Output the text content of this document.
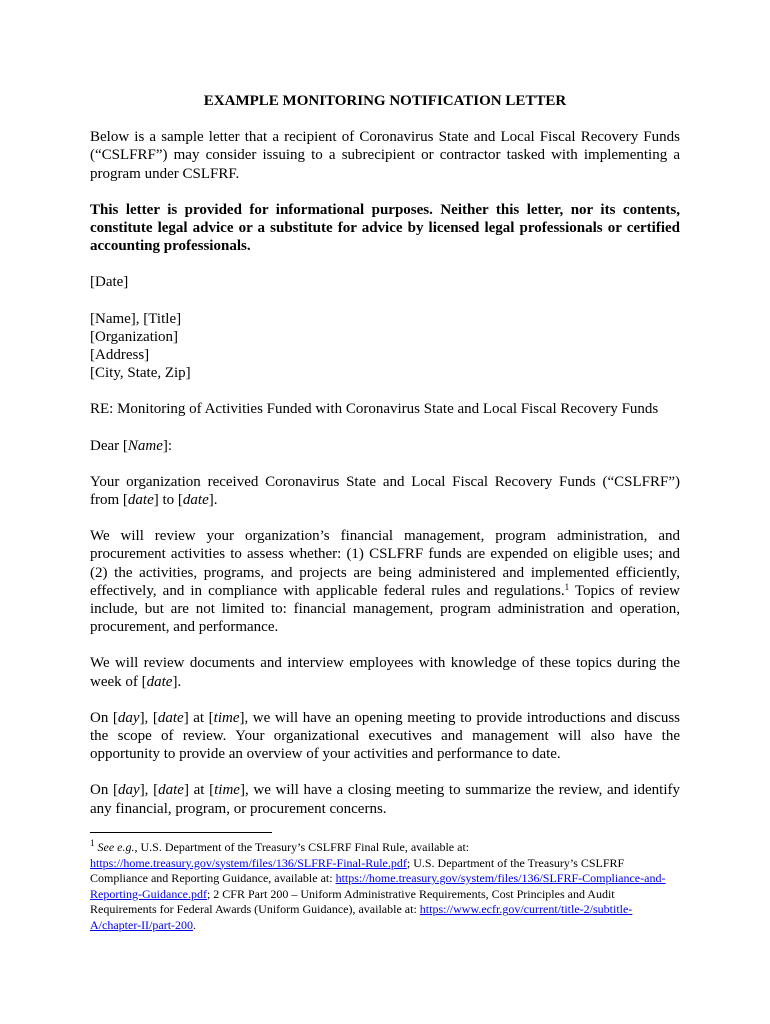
EXAMPLE MONITORING NOTIFICATION LETTER

Below is a sample letter that a recipient of Coronavirus State and Local Fiscal Recovery Funds (“CSLFRF”) may consider issuing to a subrecipient or contractor tasked with implementing a program under CSLFRF.

This letter is provided for informational purposes. Neither this letter, nor its contents, constitute legal advice or a substitute for advice by licensed legal professionals or certified accounting professionals.

[Date]

[Name], [Title]
[Organization]
[Address]
[City, State, Zip]

RE: Monitoring of Activities Funded with Coronavirus State and Local Fiscal Recovery Funds

Dear [Name]:

Your organization received Coronavirus State and Local Fiscal Recovery Funds (“CSLFRF”) from [date] to [date].

We will review your organization’s financial management, program administration, and procurement activities to assess whether: (1) CSLFRF funds are expended on eligible uses; and (2) the activities, programs, and projects are being administered and implemented efficiently, effectively, and in compliance with applicable federal rules and regulations.$^1$ Topics of review include, but are not limited to: financial management, program administration and operation, procurement, and performance.

We will review documents and interview employees with knowledge of these topics during the week of [date].

On [day], [date] at [time], we will have an opening meeting to provide introductions and discuss the scope of review. Your organizational executives and management will also have the opportunity to provide an overview of your activities and performance to date.

On [day], [date] at [time], we will have a closing meeting to summarize the review, and identify any financial, program, or procurement concerns.

$^1$ See e.g., U.S. Department of the Treasury’s CSLFRF Final Rule, available at: https://home.treasury.gov/system/files/136/SLFRF-Final-Rule.pdf; U.S. Department of the Treasury’s CSLFRF Compliance and Reporting Guidance, available at: https://home.treasury.gov/system/files/136/SLFRF-Compliance-and-Reporting-Guidance.pdf; 2 CFR Part 200 – Uniform Administrative Requirements, Cost Principles and Audit Requirements for Federal Awards (Uniform Guidance), available at: https://www.ecfr.gov/current/title-2/subtitle-A/chapter-II/part-200.
